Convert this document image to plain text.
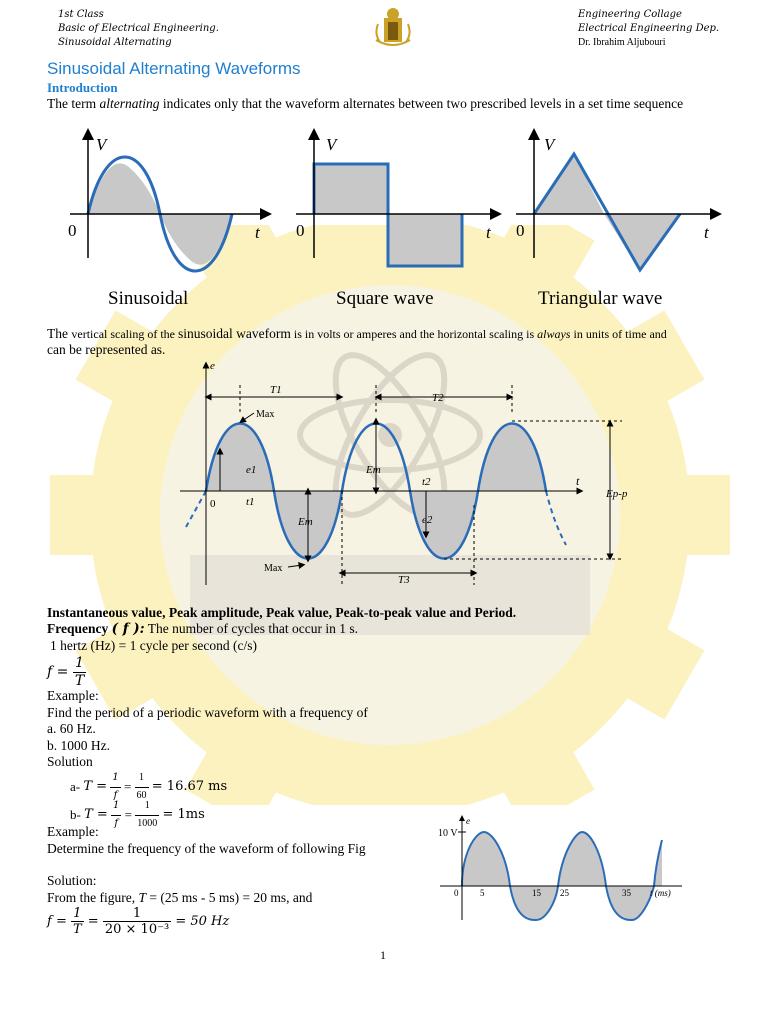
1st Class
Basic of Electrical Engineering.
Sinusoidal Alternating
Engineering Collage
Electrical Engineering Dep.
Dr. Ibrahim Aljubouri
Sinusoidal Alternating Waveforms
Introduction
The term alternating indicates only that the waveform alternates between two prescribed levels in a set time sequence
V
0	t
V
0	t
V
0	t
Sinusoidal	Square wave	Triangular wave
The vertical scaling of the sinusoidal waveform is in volts or amperes and the horizontal scaling is always in units of time and
can be represented as.
e
t
0
T1
T2
T3
Max
Max
e1
t1
Em
Em
t2
e2
Ep-p
Instantaneous value, Peak amplitude, Peak value, Peak-to-peak value and Period.
Frequency ( f ): The number of cycles that occur in 1 s.
1 hertz (Hz) = 1 cycle per second (c/s)
$f = \frac{1}{T}$
Example:
Find the period of a periodic waveform with a frequency of
a. 60 Hz.
b. 1000 Hz.
Solution
a- $T = \frac{1}{f} = \frac{1}{60} = 16.67$ ms
b- $T = \frac{1}{f} = \frac{1}{1000} = 1ms$
Example:
Determine the frequency of the waveform of following Fig
Solution:
From the figure, T = (25 ms - 5 ms) = 20 ms, and
$f = \frac{1}{T} = \frac{1}{\text{20 × 10⁻³}} = 50$ Hz
10 V
e
0 5	15 25	35 t (ms)
1
